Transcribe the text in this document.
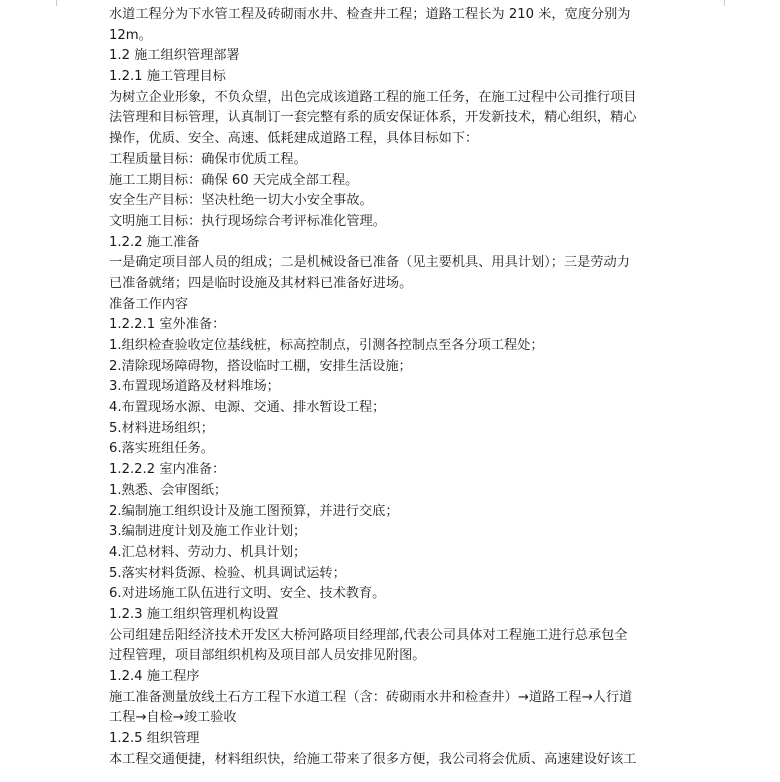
水道工程分为下水管工程及砖砌雨水井、检查井工程；道路工程长为 210 米，宽度分别为
12m。
1.2 施工组织管理部署
1.2.1 施工管理目标
为树立企业形象，不负众望，出色完成该道路工程的施工任务，在施工过程中公司推行项目
法管理和目标管理，认真制订一套完整有系的质安保证体系，开发新技术，精心组织，精心
操作，优质、安全、高速、低耗建成道路工程，具体目标如下：
工程质量目标：确保市优质工程。
施工工期目标：确保 60 天完成全部工程。
安全生产目标：坚决杜绝一切大小安全事故。
文明施工目标：执行现场综合考评标准化管理。
1.2.2 施工准备
一是确定项目部人员的组成；二是机械设备已准备（见主要机具、用具计划）；三是劳动力
已准备就绪；四是临时设施及其材料已准备好进场。
准备工作内容
1.2.2.1 室外准备：
1.组织检查验收定位基线桩，标高控制点，引测各控制点至各分项工程处；
2.清除现场障碍物，搭设临时工棚，安排生活设施；
3.布置现场道路及材料堆场；
4.布置现场水源、电源、交通、排水暂设工程；
5.材料进场组织；
6.落实班组任务。
1.2.2.2 室内准备：
1.熟悉、会审图纸；
2.编制施工组织设计及施工图预算，并进行交底；
3.编制进度计划及施工作业计划；
4.汇总材料、劳动力、机具计划；
5.落实材料货源、检验、机具调试运转；
6.对进场施工队伍进行文明、安全、技术教育。
1.2.3 施工组织管理机构设置
公司组建岳阳经济技术开发区大桥河路项目经理部,代表公司具体对工程施工进行总承包全
过程管理，项目部组织机构及项目部人员安排见附图。
1.2.4 施工程序
施工准备测量放线土石方工程下水道工程（含：砖砌雨水井和检查井）→道路工程→人行道
工程→自检→竣工验收
1.2.5 组织管理
本工程交通便捷，材料组织快，给施工带来了很多方便，我公司将会优质、高速建设好该工
